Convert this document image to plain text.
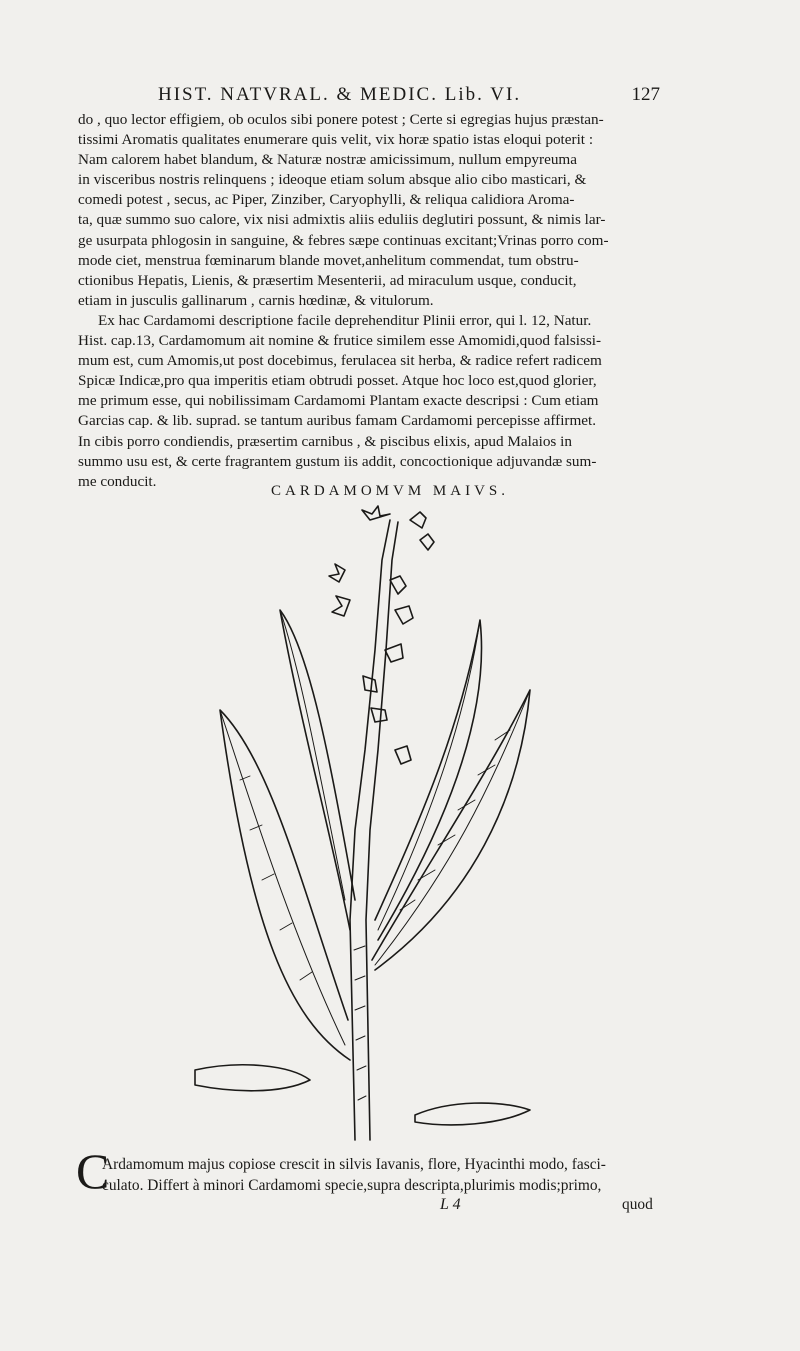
HIST. NATVRAL. & MEDIC. Lib. VI.	127
do , quo lector effigiem, ob oculos sibi ponere potest ; Certe si egregias hujus præstan-
tissimi Aromatis qualitates enumerare quis velit, vix horæ spatio istas eloqui poterit :
Nam calorem habet blandum, & Naturæ nostræ amicissimum, nullum empyreuma
in visceribus nostris relinquens ; ideoque etiam solum absque alio cibo masticari, &
comedi potest , secus, ac Piper, Zinziber, Caryophylli, & reliqua calidiora Aroma-
ta, quæ summo suo calore, vix nisi admixtis aliis eduliis deglutiri possunt, & nimis lar-
ge usurpata phlogosin in sanguine, & febres sæpe continuas excitant;Vrinas porro com-
mode ciet, menstrua fœminarum blande movet,anhelitum commendat, tum obstru-
ctionibus Hepatis, Lienis, & præsertim Mesenterii, ad miraculum usque, conducit,
etiam in jusculis gallinarum , carnis hœdinæ, & vitulorum.
Ex hac Cardamomi descriptione facile deprehenditur Plinii error, qui l. 12, Natur.
Hist. cap.13, Cardamomum ait nomine & frutice similem esse Amomidi,quod falsissi-
mum est, cum Amomis,ut post docebimus, ferulacea sit herba, & radice refert radicem
Spicæ Indicæ,pro qua imperitis etiam obtrudi posset. Atque hoc loco est,quod glorier,
me primum esse, qui nobilissimam Cardamomi Plantam exacte descripsi : Cum etiam
Garcias cap. & lib. suprad. se tantum auribus famam Cardamomi percepisse affirmet.
In cibis porro condiendis, præsertim carnibus , & piscibus elixis, apud Malaios in
summo usu est, & certe fragrantem gustum iis addit, concoctionique adjuvandæ sum-
me conducit.
CARDAMOMVM MAIVS.
C
Ardamomum majus copiose crescit in silvis Iavanis, flore, Hyacinthi modo, fasci-
culato. Differt à minori Cardamomi specie,supra descripta,plurimis modis;primo,
L 4	quod
